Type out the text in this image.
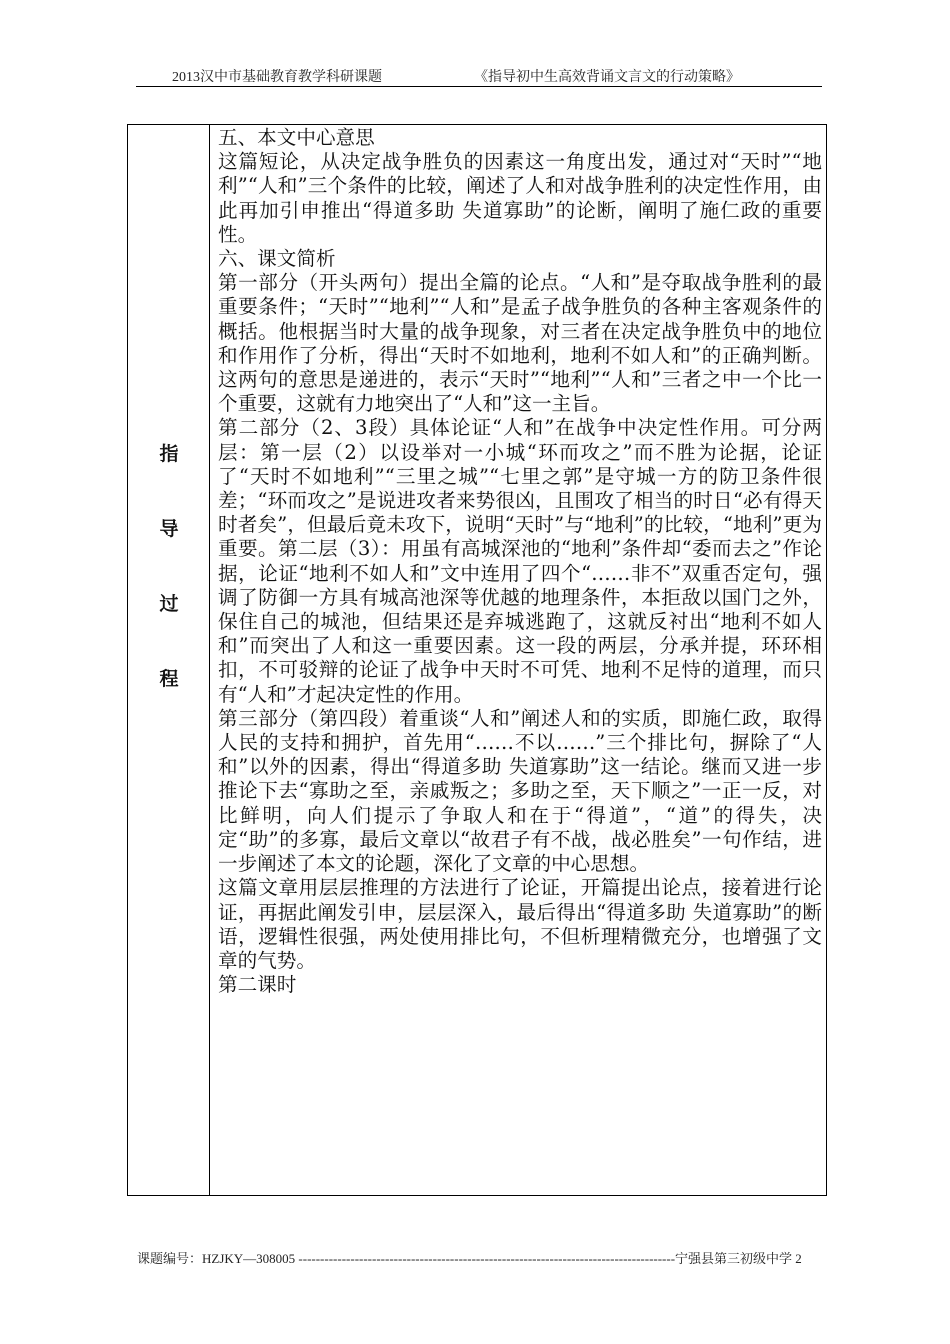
2013汉中市基础教育教学科研课题	《指导初中生高效背诵文言文的行动策略》
指
导
过
程

五、本文中心意思

这篇短论，从决定战争胜负的因素这一角度出发，通过对“天时”“地利”“人和”三个条件的比较，阐述了人和对战争胜利的决定性作用，由此再加引申推出“得道多助 失道寡助”的论断，阐明了施仁政的重要性。

六、课文简析

第一部分（开头两句）提出全篇的论点。“人和”是夺取战争胜利的最重要条件；“天时”“地利”“人和”是孟子战争胜负的各种主客观条件的概括。他根据当时大量的战争现象，对三者在决定战争胜负中的地位和作用作了分析，得出“天时不如地利，地利不如人和”的正确判断。这两句的意思是递进的，表示“天时”“地利”“人和”三者之中一个比一个重要，这就有力地突出了“人和”这一主旨。

第二部分（2、3段）具体论证“人和”在战争中决定性作用。可分两层：第一层（2）以设举对一小城“环而攻之”而不胜为论据，论证了“天时不如地利”“三里之城”“七里之郭”是守城一方的防卫条件很差；“环而攻之”是说进攻者来势很凶，且围攻了相当的时日“必有得天时者矣”，但最后竟未攻下，说明“天时”与“地利”的比较，“地利”更为重要。第二层（3）：用虽有高城深池的“地利”条件却“委而去之”作论据，论证“地利不如人和”文中连用了四个“……非不”双重否定句，强调了防御一方具有城高池深等优越的地理条件，本拒敌以国门之外，保住自己的城池，但结果还是弃城逃跑了，这就反衬出“地利不如人和”而突出了人和这一重要因素。这一段的两层，分承并提，环环相扣，不可驳辩的论证了战争中天时不可凭、地利不足恃的道理，而只有“人和”才起决定性的作用。

第三部分（第四段）着重谈“人和”阐述人和的实质，即施仁政，取得人民的支持和拥护，首先用“……不以……”三个排比句，摒除了“人和”以外的因素，得出“得道多助 失道寡助”这一结论。继而又进一步推论下去“寡助之至，亲戚叛之；多助之至，天下顺之”一正一反，对比鲜明，向人们提示了争取人和在于“得道”，“道”的得失，决定“助”的多寡，最后文章以“故君子有不战，战必胜矣”一句作结，进一步阐述了本文的论题，深化了文章的中心思想。

这篇文章用层层推理的方法进行了论证，开篇提出论点，接着进行论证，再据此阐发引申，层层深入，最后得出“得道多助 失道寡助”的断语，逻辑性很强，两处使用排比句，不但析理精微充分，也增强了文章的气势。

第二课时

课题编号：HZJKY—308005 ---------------------------------------------------------------------------------------宁强县第三初级中学 2
